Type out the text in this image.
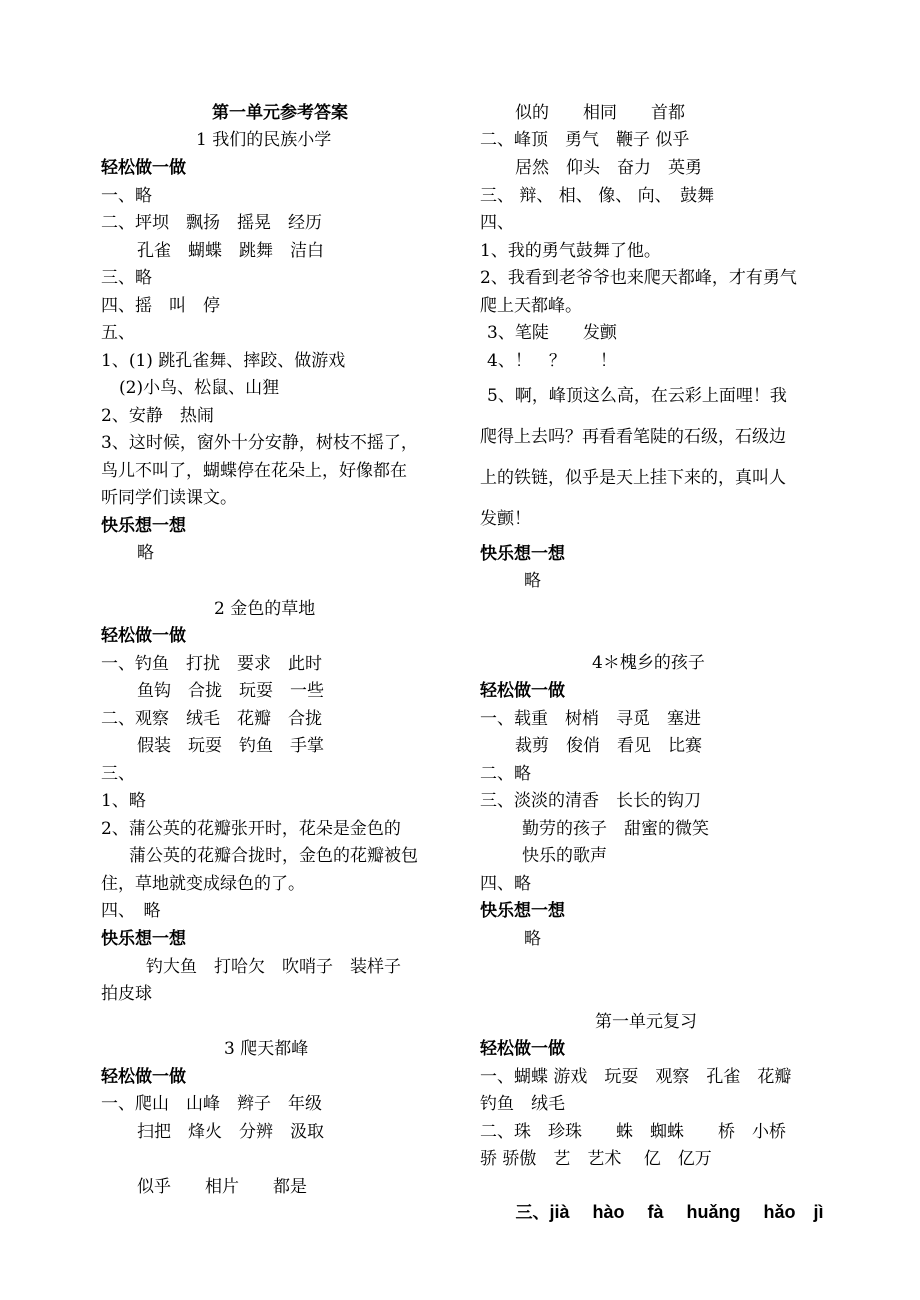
第一单元参考答案
1 我们的民族小学
轻松做一做
一、略
二、坪坝　飘扬　摇晃　经历
孔雀　蝴蝶　跳舞　洁白
三、略
四、摇　叫　停
五、
1、(1) 跳孔雀舞、摔跤、做游戏
(2)小鸟、松鼠、山狸
2、安静　热闹
3、这时候，窗外十分安静，树枝不摇了，
鸟儿不叫了，蝴蝶停在花朵上，好像都在
听同学们读课文。
快乐想一想
略
2 金色的草地
轻松做一做
一、钓鱼　打扰　要求　此时
鱼钩　合拢　玩耍　一些
二、观察　绒毛　花瓣　合拢
假装　玩耍　钓鱼　手掌
三、
1、略
2、蒲公英的花瓣张开时，花朵是金色的
蒲公英的花瓣合拢时，金色的花瓣被包
住，草地就变成绿色的了。
四、　略
快乐想一想
钓大鱼　打哈欠　吹哨子　装样子
拍皮球
3 爬天都峰
轻松做一做
一、爬山　山峰　辫子　年级
扫把　烽火　分辨　汲取
似乎　　相片　　都是
似的　　相同　　首都
二、峰顶　勇气　鞭子 似乎
居然　仰头　奋力　英勇
三、 辩、 相、 像、 向、　鼓舞
四、
1、我的勇气鼓舞了他。
2、我看到老爷爷也来爬天都峰，才有勇气
爬上天都峰。
3、笔陡　　发颤
4、！　？　　！
5、啊，峰顶这么高，在云彩上面哩！我
爬得上去吗？再看看笔陡的石级，石级边
上的铁链，似乎是天上挂下来的，真叫人
发颤！
快乐想一想
略
4＊槐乡的孩子
轻松做一做
一、载重　树梢　寻觅　塞进
裁剪　俊俏　看见　比赛
二、略
三、淡淡的清香　长长的钩刀
勤劳的孩子　甜蜜的微笑
快乐的歌声
四、略
快乐想一想
略
第一单元复习
轻松做一做
一、蝴蝶 游戏　玩耍　观察　孔雀　花瓣
钓鱼　绒毛
二、珠　珍珠　　蛛　蜘蛛　　桥　小桥
骄 骄傲　艺　艺术　 亿　亿万

三、jià　 hào　 fà　 huǎng　 hǎo　jì
